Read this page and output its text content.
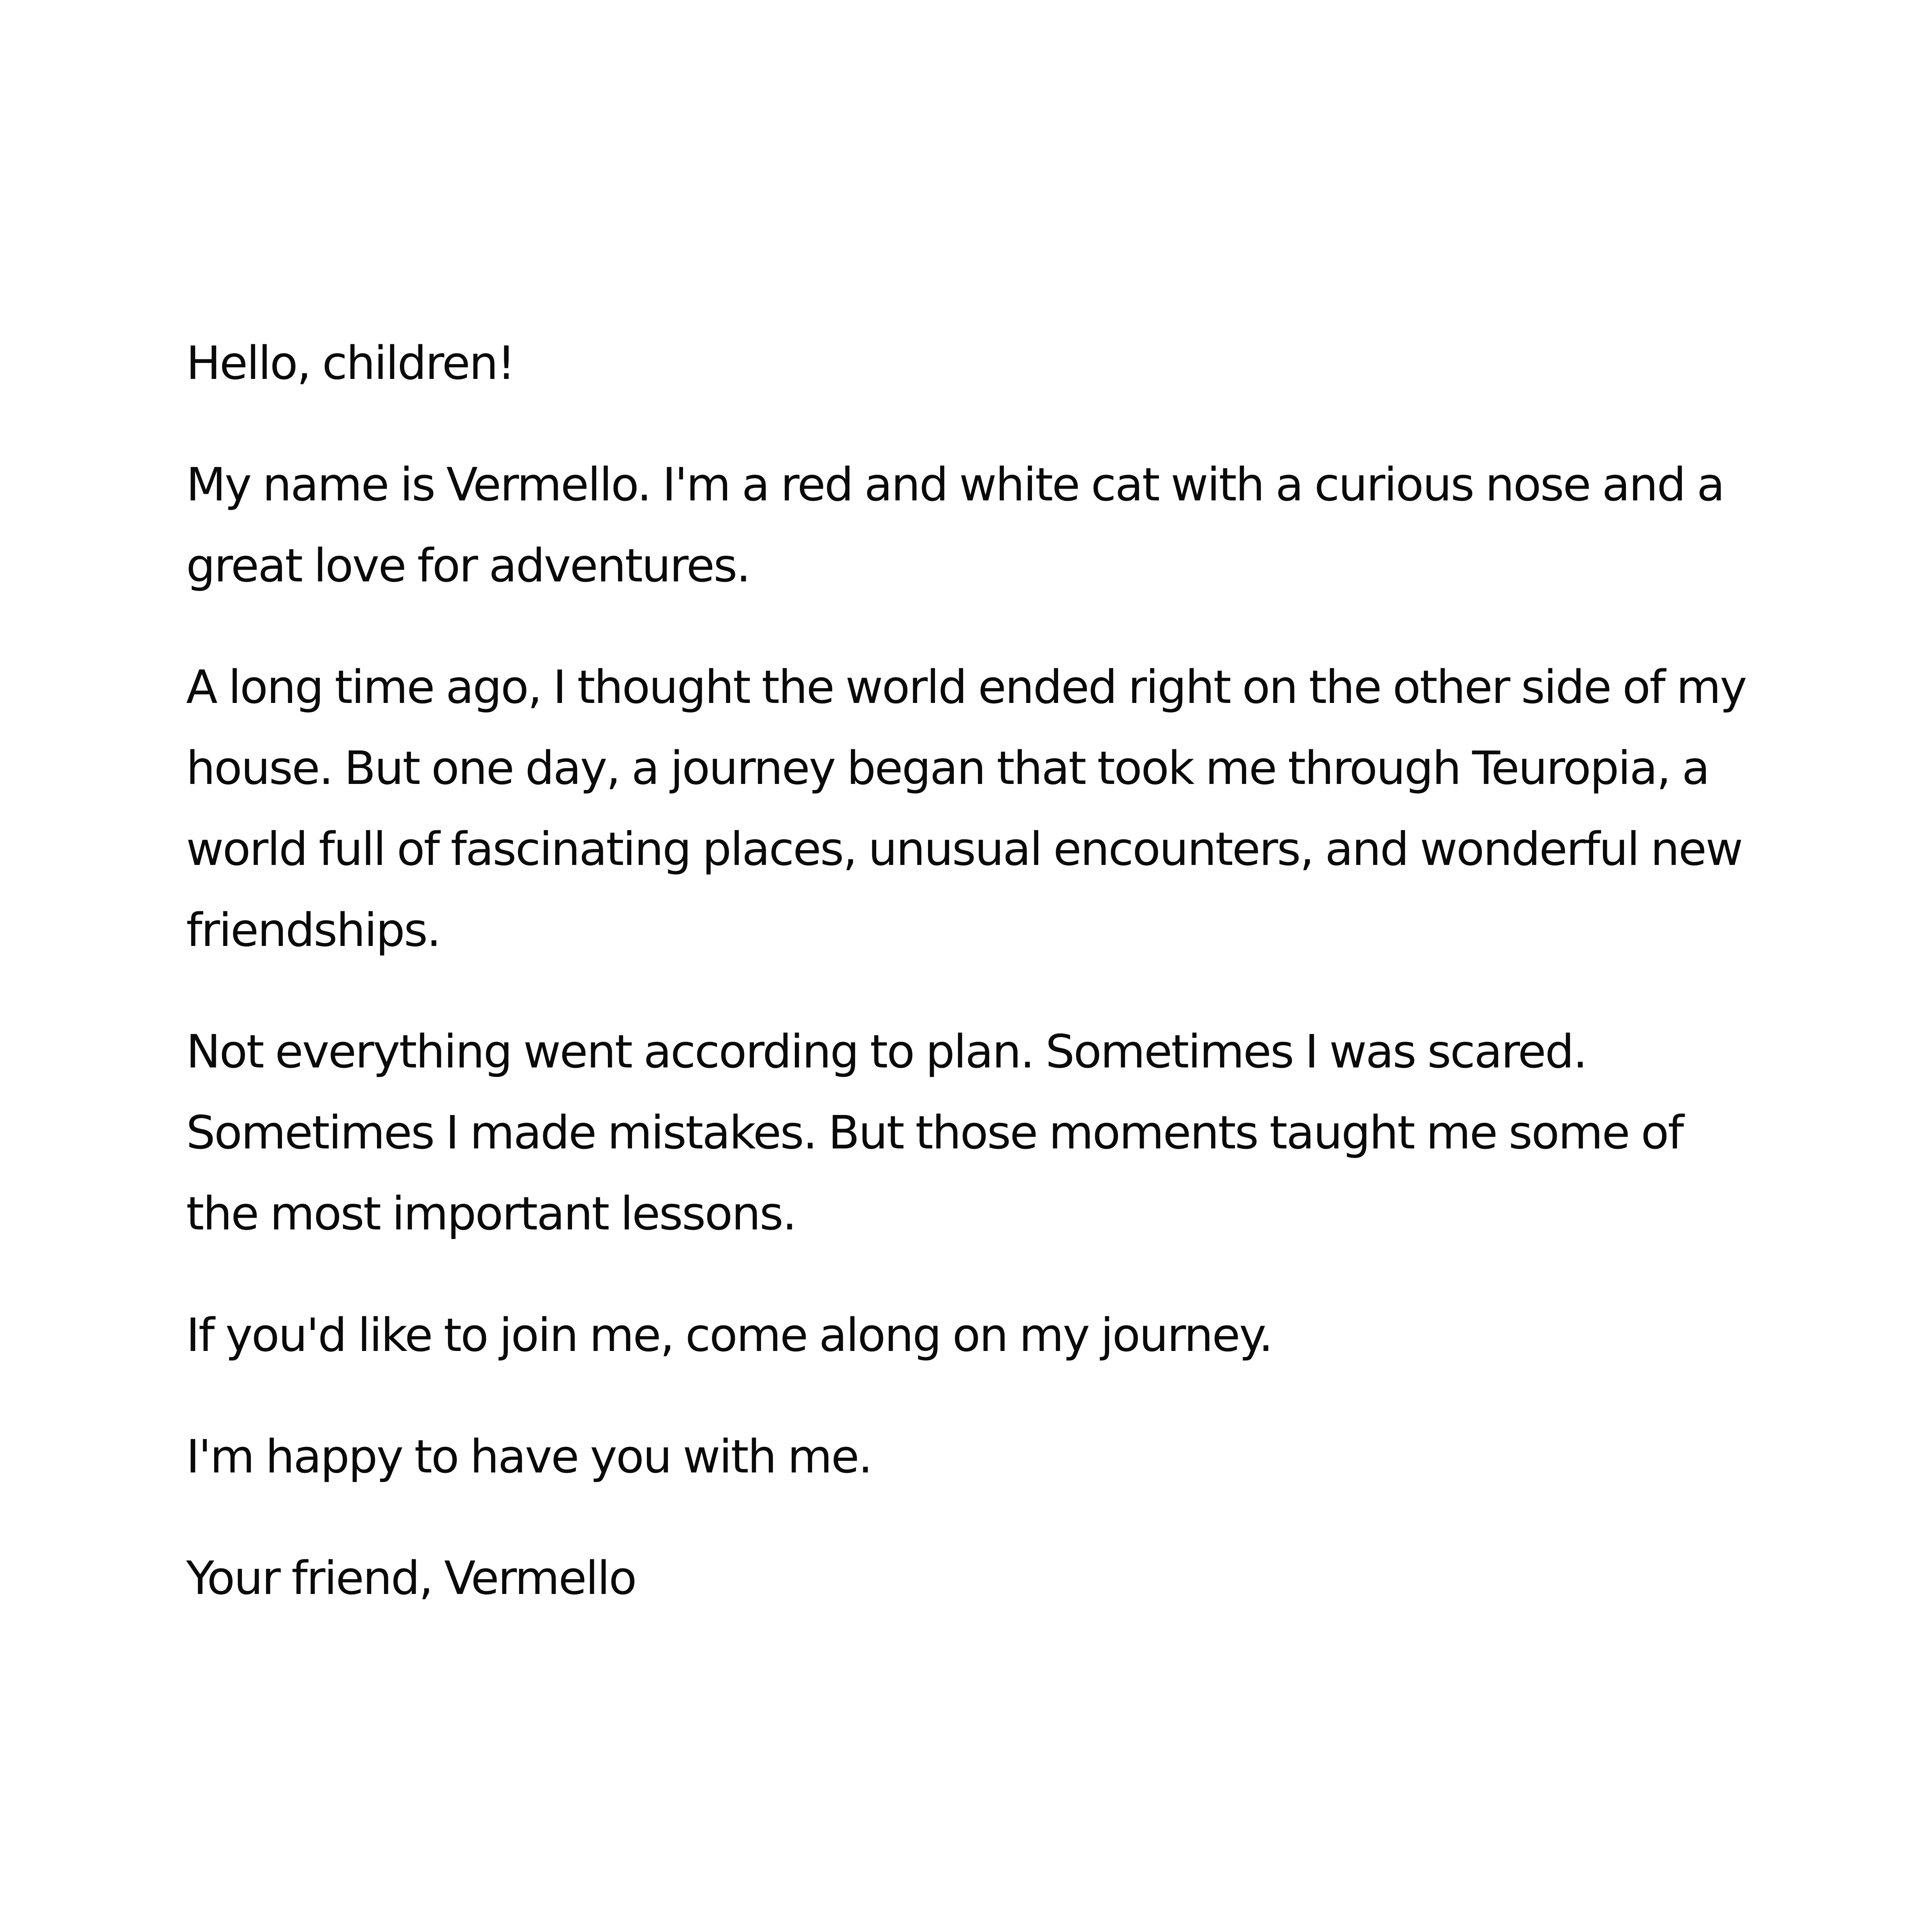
Hello, children!

My name is Vermello. I'm a red and white cat with a curious nose and a great love for adventures.

A long time ago, I thought the world ended right on the other side of my house. But one day, a journey began that took me through Teuropia, a world full of fascinating places, unusual encounters, and wonderful new friendships.

Not everything went according to plan. Sometimes I was scared. Sometimes I made mistakes. But those moments taught me some of the most important lessons.

If you'd like to join me, come along on my journey.

I'm happy to have you with me.

Your friend, Vermello
